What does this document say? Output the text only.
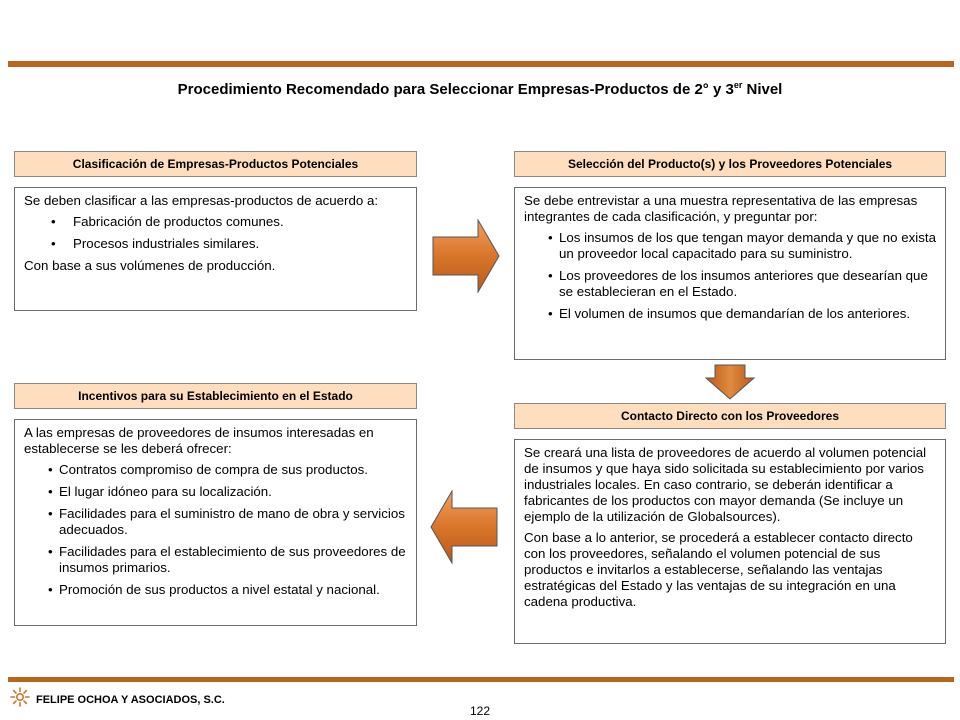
Procedimiento Recomendado para Seleccionar Empresas-Productos de 2° y 3er Nivel
Clasificación de Empresas-Productos Potenciales

Se deben clasificar a las empresas-productos de acuerdo a:

• Fabricación de productos comunes.
• Procesos industriales similares.

Con base a sus volúmenes de producción.

Selección del Producto(s) y los Proveedores Potenciales

Se debe entrevistar a una muestra representativa de las empresas integrantes de cada clasificación, y preguntar por:

• Los insumos de los que tengan mayor demanda y que no exista un proveedor local capacitado para su suministro.
• Los proveedores de los insumos anteriores que desearían que se establecieran en el Estado.
• El volumen de insumos que demandarían de los anteriores.
Incentivos para su Establecimiento en el Estado

A las empresas de proveedores de insumos interesadas en establecerse se les deberá ofrecer:

• Contratos compromiso de compra de sus productos.
• El lugar idóneo para su localización.
• Facilidades para el suministro de mano de obra y servicios adecuados.
• Facilidades para el establecimiento de sus proveedores de insumos primarios.
• Promoción de sus productos a nivel estatal y nacional.
Contacto Directo con los Proveedores

Se creará una lista de proveedores de acuerdo al volumen potencial de insumos y que haya sido solicitada su establecimiento por varios industriales locales. En caso contrario, se deberán identificar a fabricantes de los productos con mayor demanda (Se incluye un ejemplo de la utilización de Globalsources).

Con base a lo anterior, se procederá a establecer contacto directo con los proveedores, señalando el volumen potencial de sus productos e invitarlos a establecerse, señalando las ventajas estratégicas del Estado y las ventajas de su integración en una cadena productiva.

FELIPE OCHOA Y ASOCIADOS, S.C.
122
